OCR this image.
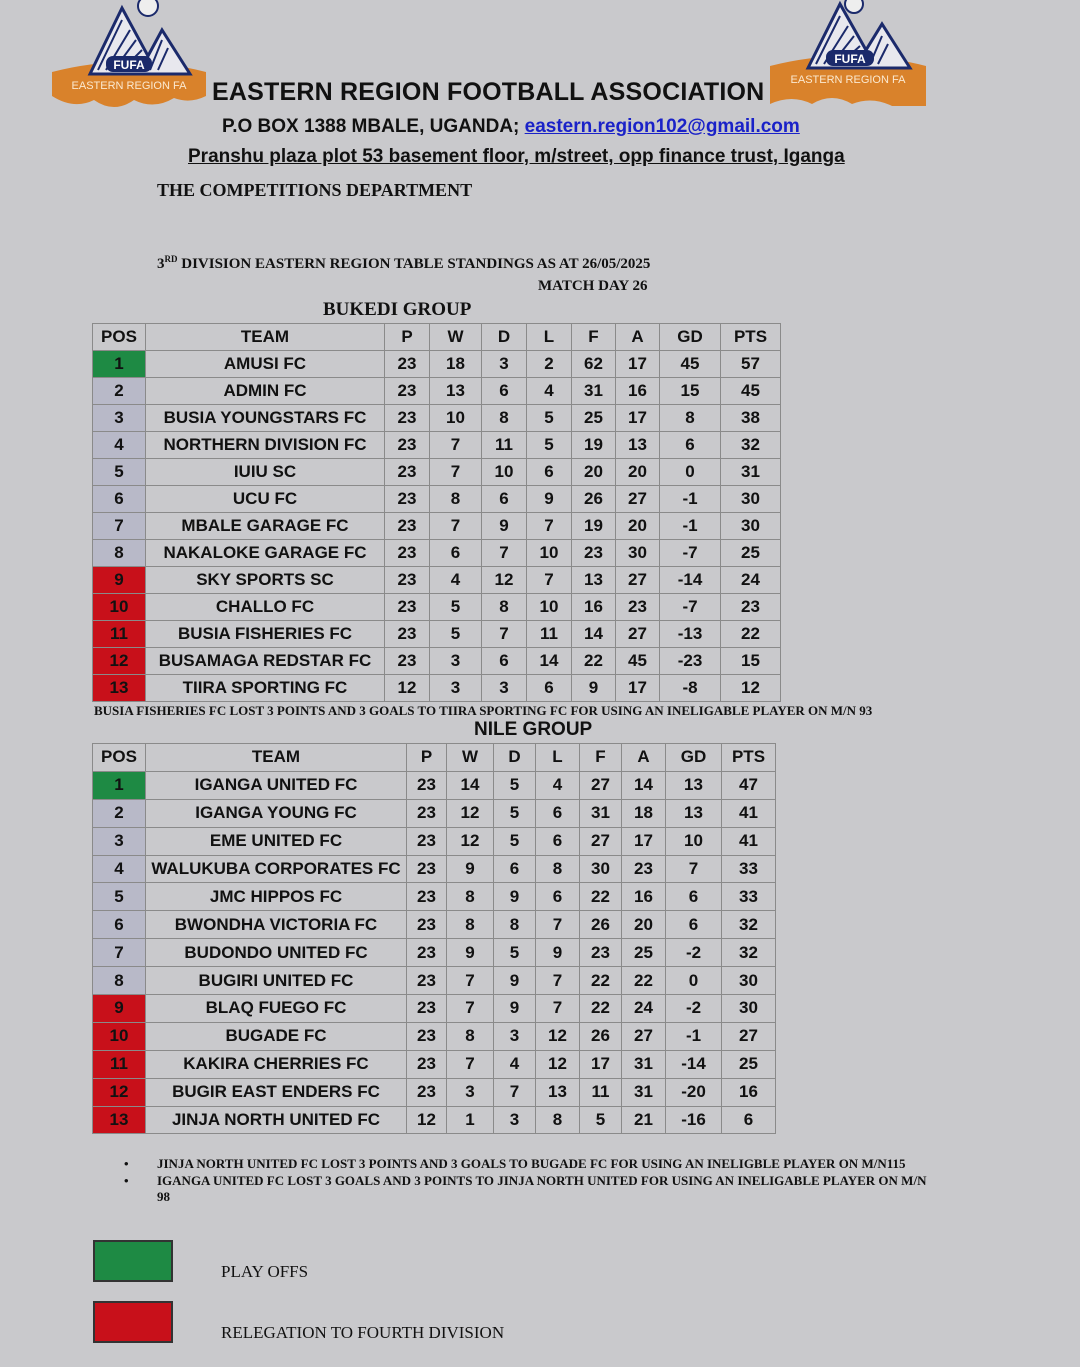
FUFA
EASTERN REGION FA
FUFA
EASTERN REGION FA
EASTERN REGION FOOTBALL ASSOCIATION
P.O BOX 1388 MBALE, UGANDA; eastern.region102@gmail.com
Pranshu plaza plot 53 basement floor, m/street, opp finance trust, Iganga
THE COMPETITIONS DEPARTMENT
3RD DIVISION EASTERN REGION TABLE STANDINGS AS AT 26/05/2025
MATCH DAY 26
BUKEDI GROUP
POS	TEAM	P	W	D	L	F	A	GD	PTS
1	AMUSI FC	23	18	3	2	62	17	45	57
2	ADMIN FC	23	13	6	4	31	16	15	45
3	BUSIA YOUNGSTARS FC	23	10	8	5	25	17	8	38
4	NORTHERN DIVISION FC	23	7	11	5	19	13	6	32
5	IUIU SC	23	7	10	6	20	20	0	31
6	UCU FC	23	8	6	9	26	27	-1	30
7	MBALE GARAGE FC	23	7	9	7	19	20	-1	30
8	NAKALOKE GARAGE FC	23	6	7	10	23	30	-7	25
9	SKY SPORTS SC	23	4	12	7	13	27	-14	24
10	CHALLO FC	23	5	8	10	16	23	-7	23
11	BUSIA FISHERIES FC	23	5	7	11	14	27	-13	22
12	BUSAMAGA REDSTAR FC	23	3	6	14	22	45	-23	15
13	TIIRA SPORTING FC	12	3	3	6	9	17	-8	12
BUSIA FISHERIES FC LOST 3 POINTS AND 3 GOALS TO TIIRA SPORTING FC FOR USING AN INELIGABLE PLAYER ON M/N 93
NILE GROUP
POS	TEAM	P	W	D	L	F	A	GD	PTS
1	IGANGA UNITED FC	23	14	5	4	27	14	13	47
2	IGANGA YOUNG FC	23	12	5	6	31	18	13	41
3	EME UNITED FC	23	12	5	6	27	17	10	41
4	WALUKUBA CORPORATES FC	23	9	6	8	30	23	7	33
5	JMC HIPPOS FC	23	8	9	6	22	16	6	33
6	BWONDHA VICTORIA FC	23	8	8	7	26	20	6	32
7	BUDONDO UNITED FC	23	9	5	9	23	25	-2	32
8	BUGIRI UNITED FC	23	7	9	7	22	22	0	30
9	BLAQ FUEGO FC	23	7	9	7	22	24	-2	30
10	BUGADE FC	23	8	3	12	26	27	-1	27
11	KAKIRA CHERRIES FC	23	7	4	12	17	31	-14	25
12	BUGIR EAST ENDERS FC	23	3	7	13	11	31	-20	16
13	JINJA NORTH UNITED FC	12	1	3	8	5	21	-16	6
• JINJA NORTH UNITED FC LOST 3 POINTS AND 3 GOALS TO BUGADE FC FOR USING AN INELIGBLE PLAYER ON M/N115
• IGANGA UNITED FC LOST 3 GOALS AND 3 POINTS TO JINJA NORTH UNITED FOR USING AN INELIGABLE PLAYER ON M/N 98
PLAY OFFS
RELEGATION TO FOURTH DIVISION
